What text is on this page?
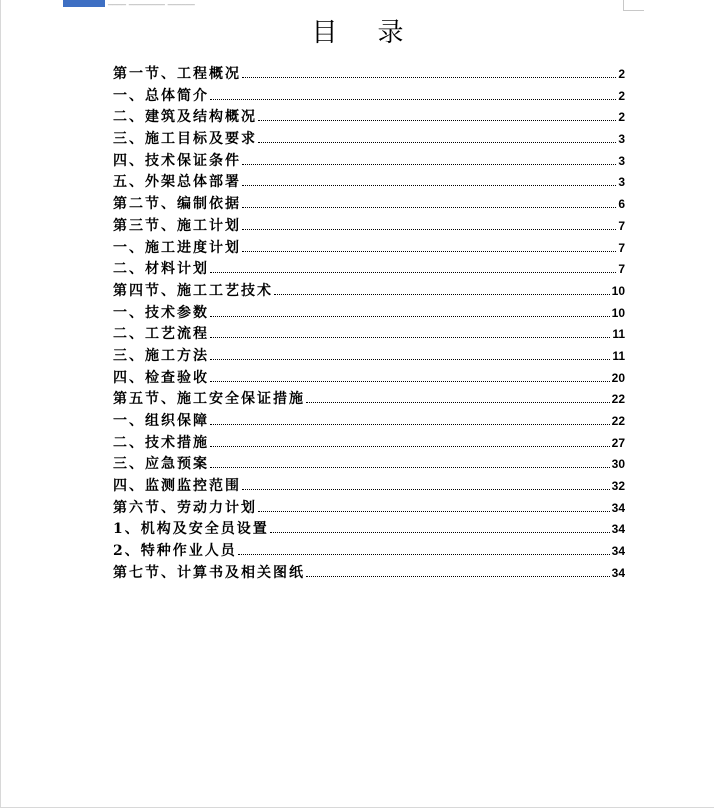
____ ________ ______
目录
第一节、工程概况	2
一、总体简介	2
二、建筑及结构概况	2
三、施工目标及要求	3
四、技术保证条件	3
五、外架总体部署	3
第二节、编制依据	6
第三节、施工计划	7
一、施工进度计划	7
二、材料计划	7
第四节、施工工艺技术	10
一、技术参数	10
二、工艺流程	11
三、施工方法	11
四、检查验收	20
第五节、施工安全保证措施	22
一、组织保障	22
二、技术措施	27
三、应急预案	30
四、监测监控范围	32
第六节、劳动力计划	34
1、机构及安全员设置	34
2、特种作业人员	34
第七节、计算书及相关图纸	34
